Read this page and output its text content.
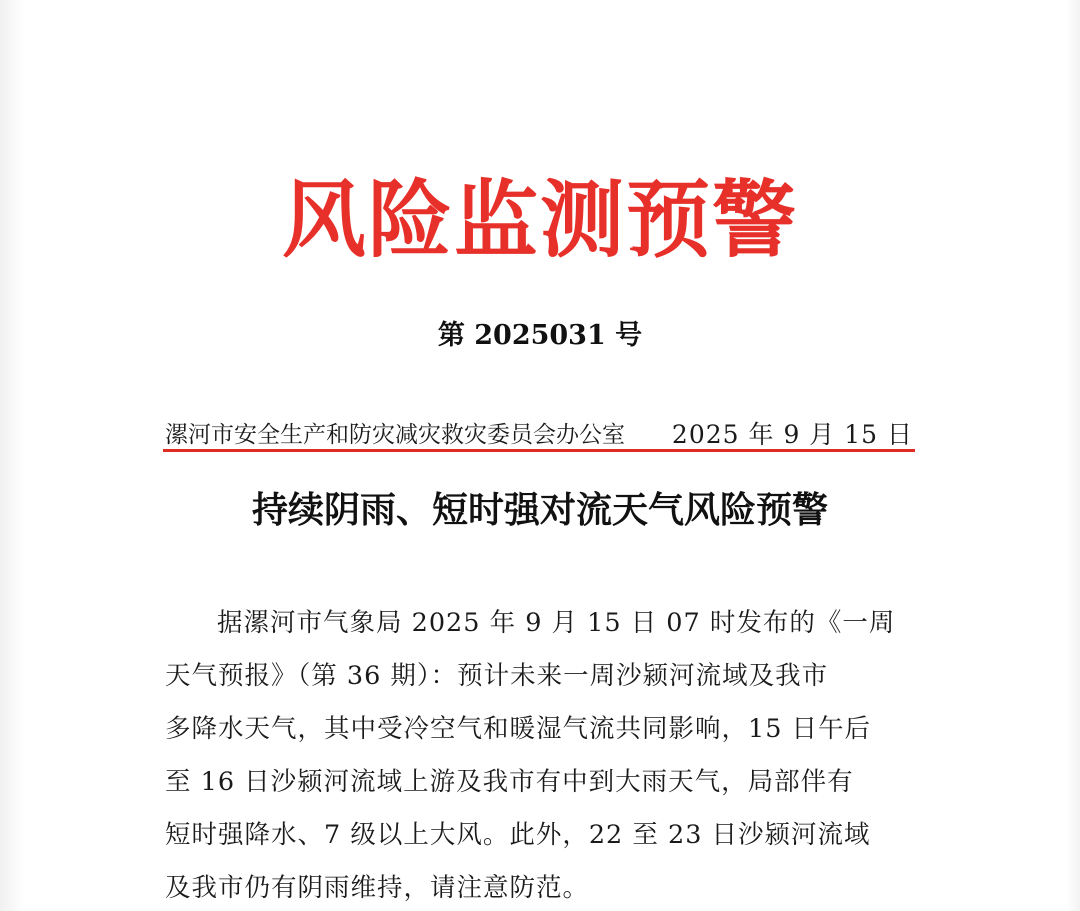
风险监测预警
第 2025031 号
漯河市安全生产和防灾减灾救灾委员会办公室 2025 年 9 月 15 日
持续阴雨、短时强对流天气风险预警
据漯河市气象局 2025 年 9 月 15 日 07 时发布的《一周
天气预报》（第 36 期）：预计未来一周沙颍河流域及我市
多降水天气，其中受冷空气和暖湿气流共同影响，15 日午后
至 16 日沙颍河流域上游及我市有中到大雨天气，局部伴有
短时强降水、7 级以上大风。此外，22 至 23 日沙颍河流域
及我市仍有阴雨维持，请注意防范。
